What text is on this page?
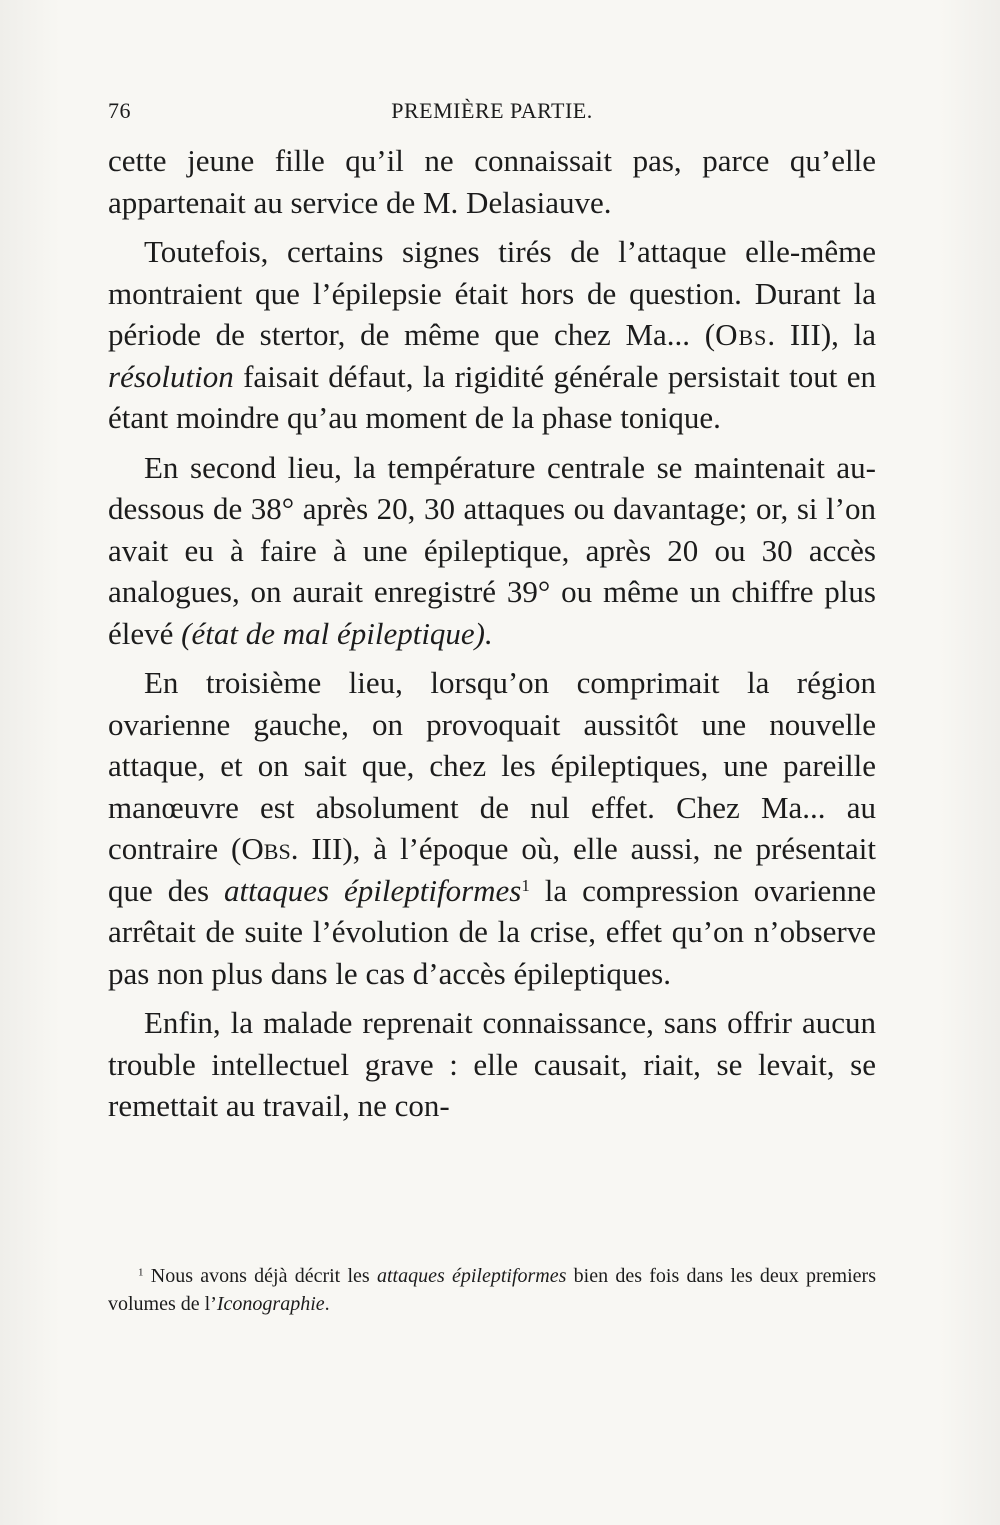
76	PREMIÈRE PARTIE.

cette jeune fille qu’il ne connaissait pas, parce qu’elle appartenait au service de M. Delasiauve.

Toutefois, certains signes tirés de l’attaque elle-même montraient que l’épilepsie était hors de question. Durant la période de stertor, de même que chez Ma... (Obs. III), la résolution faisait défaut, la rigidité générale persistait tout en étant moindre qu’au moment de la phase tonique.

En second lieu, la température centrale se maintenait au-dessous de 38° après 20, 30 attaques ou davantage; or, si l’on avait eu à faire à une épileptique, après 20 ou 30 accès analogues, on aurait enregistré 39° ou même un chiffre plus élevé (état de mal épileptique).

En troisième lieu, lorsqu’on comprimait la région ovarienne gauche, on provoquait aussitôt une nouvelle attaque, et on sait que, chez les épileptiques, une pareille manœuvre est absolument de nul effet. Chez Ma... au contraire (Obs. III), à l’époque où, elle aussi, ne présentait que des attaques épileptiformes$^1$ la compression ovarienne arrêtait de suite l’évolution de la crise, effet qu’on n’observe pas non plus dans le cas d’accès épileptiques.

Enfin, la malade reprenait connaissance, sans offrir aucun trouble intellectuel grave : elle causait, riait, se levait, se remettait au travail, ne con-

$^1$ Nous avons déjà décrit les attaques épileptiformes bien des fois dans les deux premiers volumes de l’Iconographie.
